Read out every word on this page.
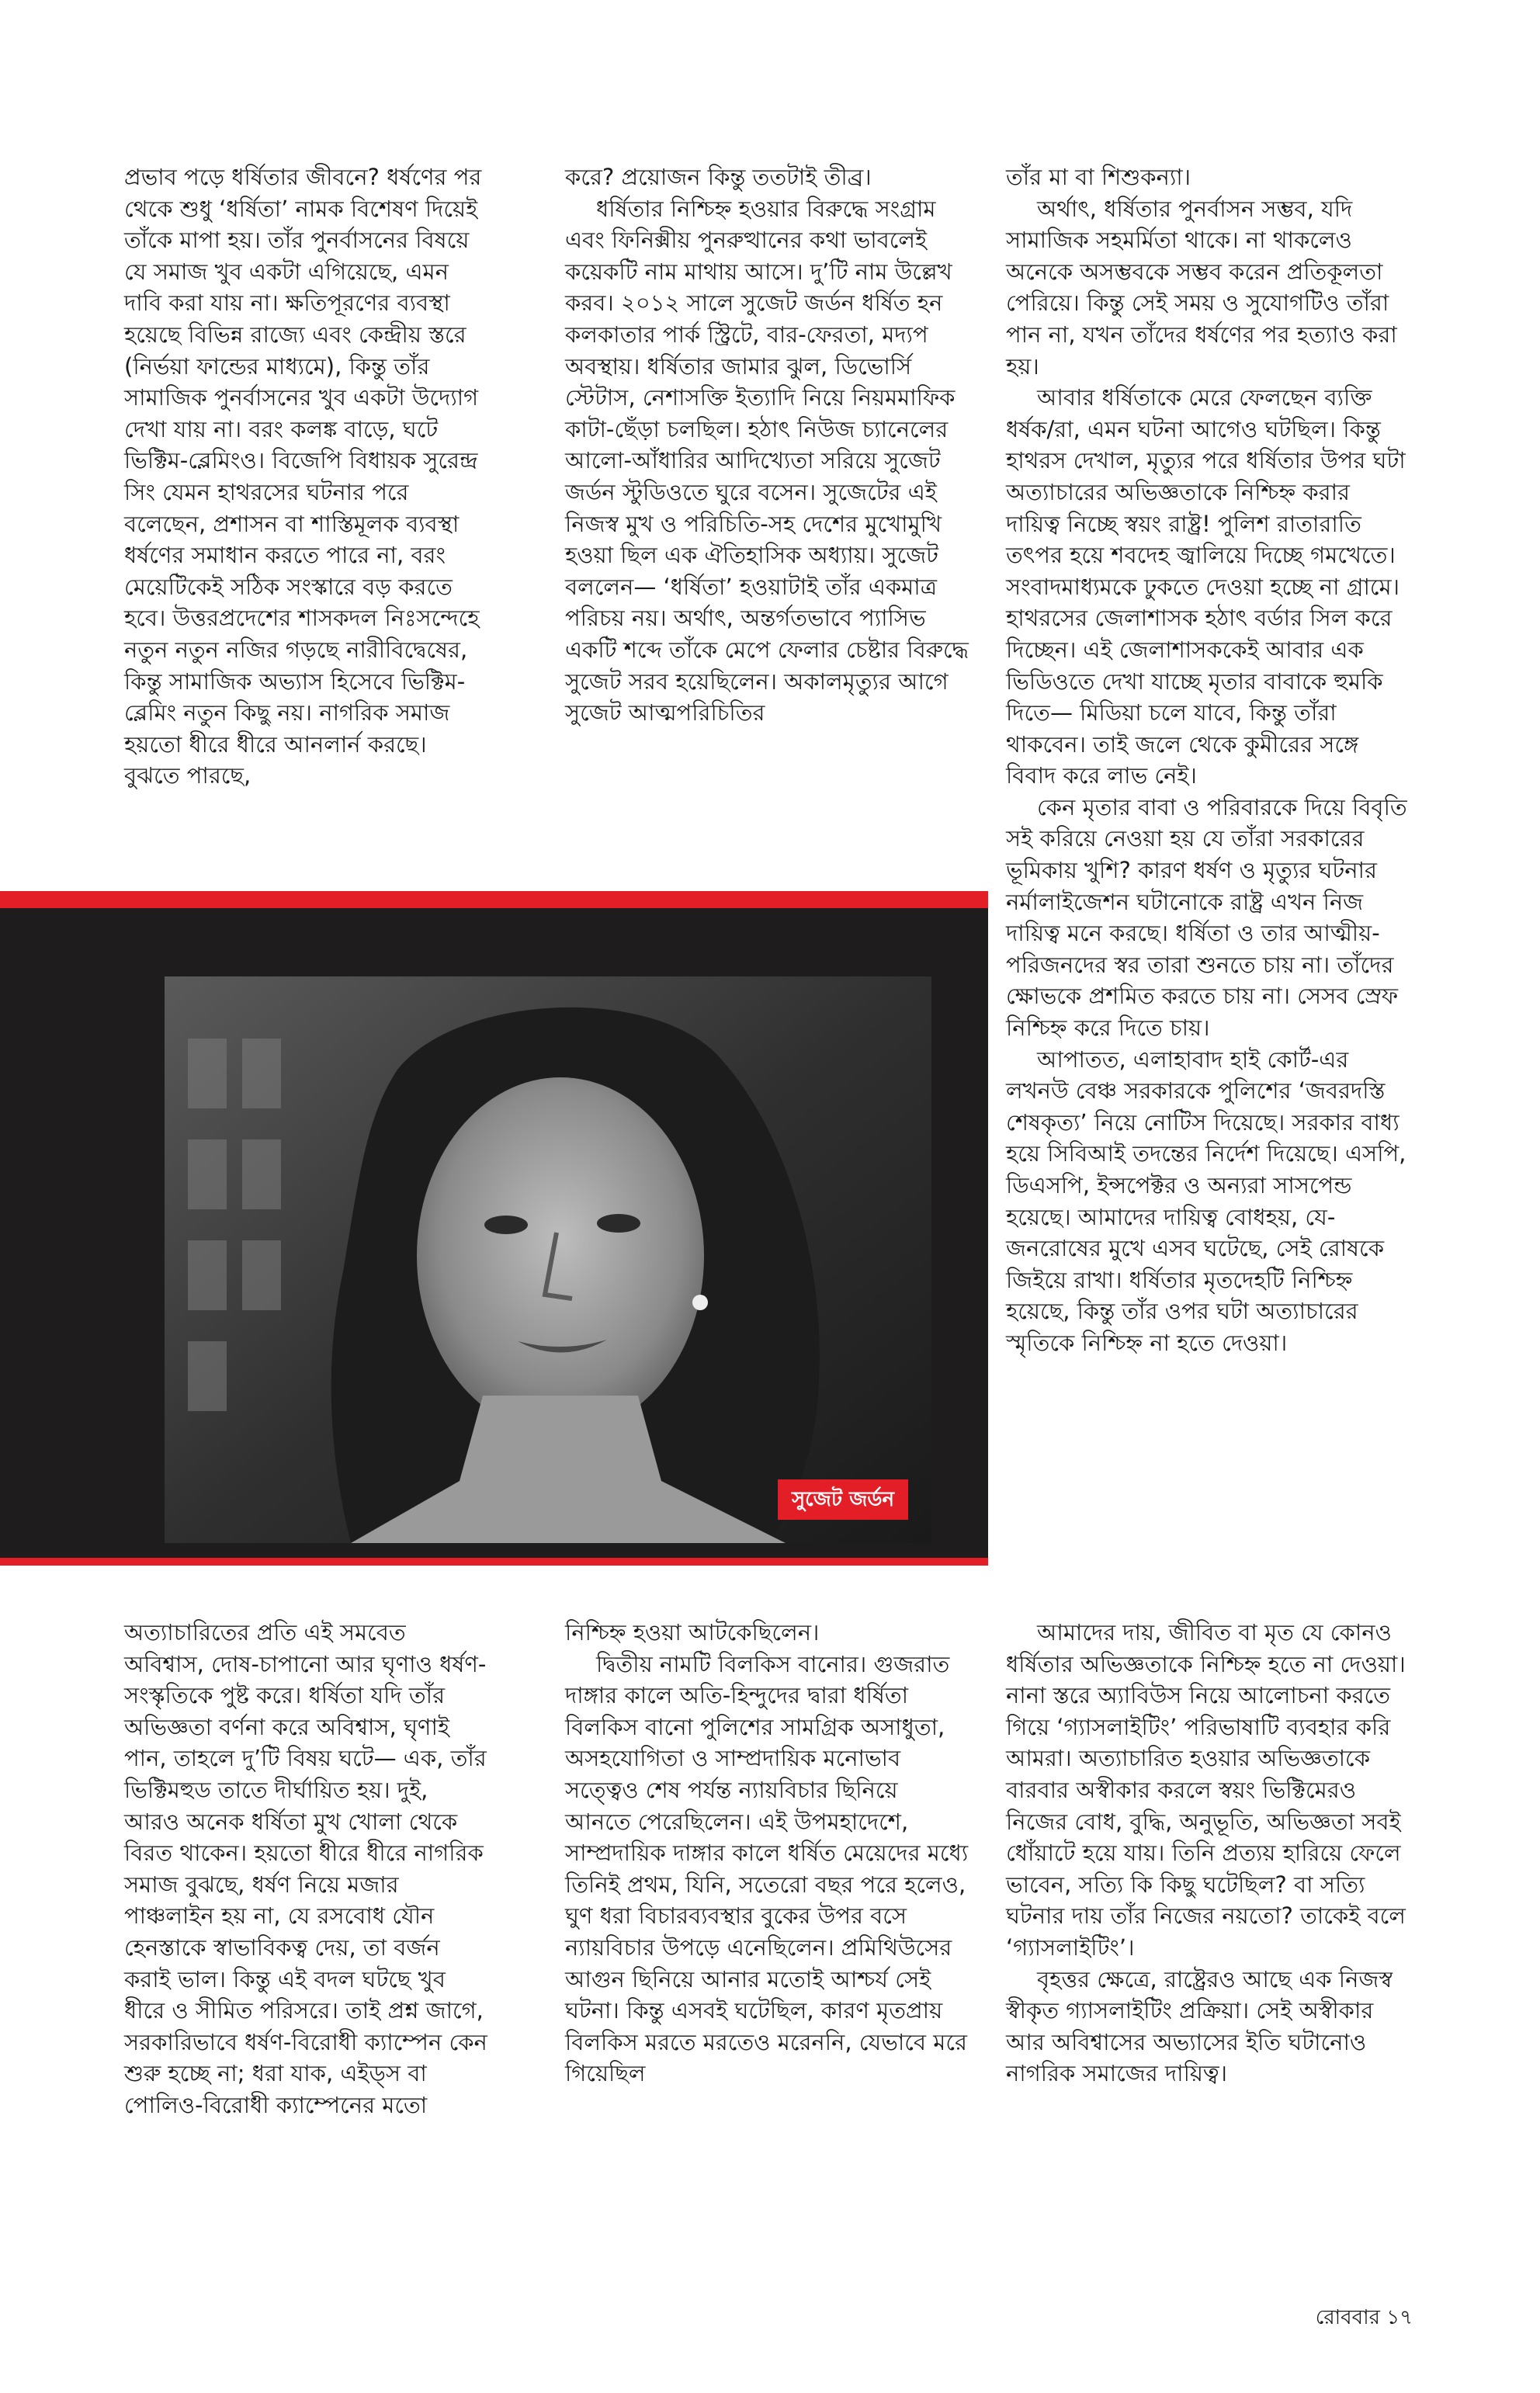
প্রভাব পড়ে ধর্ষিতার জীবনে? ধর্ষণের পর থেকে শুধু ‘ধর্ষিতা’ নামক বিশেষণ দিয়েই তাঁকে মাপা হয়। তাঁর পুনর্বাসনের বিষয়ে যে সমাজ খুব একটা এগিয়েছে, এমন দাবি করা যায় না। ক্ষতিপূরণের ব্যবস্থা হয়েছে বিভিন্ন রাজ্যে এবং কেন্দ্রীয় স্তরে (নির্ভয়া ফান্ডের মাধ্যমে), কিন্তু তাঁর সামাজিক পুনর্বাসনের খুব একটা উদ্যোগ দেখা যায় না। বরং কলঙ্ক বাড়ে, ঘটে ভিক্টিম-ব্লেমিংও। বিজেপি বিধায়ক সুরেন্দ্র সিং যেমন হাথরসের ঘটনার পরে বলেছেন, প্রশাসন বা শাস্তিমূলক ব্যবস্থা ধর্ষণের সমাধান করতে পারে না, বরং মেয়েটিকেই সঠিক সংস্কারে বড় করতে হবে। উত্তরপ্রদেশের শাসকদল নিঃসন্দেহে নতুন নতুন নজির গড়ছে নারীবিদ্বেষের, কিন্তু সামাজিক অভ্যাস হিসেবে ভিক্টিম-ব্লেমিং নতুন কিছু নয়। নাগরিক সমাজ হয়তো ধীরে ধীরে আনলার্ন করছে। বুঝতে পারছে,

করে? প্রয়োজন কিন্তু ততটাই তীব্র।

ধর্ষিতার নিশ্চিহ্ন হওয়ার বিরুদ্ধে সংগ্রাম এবং ফিনিক্সীয় পুনরুত্থানের কথা ভাবলেই কয়েকটি নাম মাথায় আসে। দু’টি নাম উল্লেখ করব। ২০১২ সালে সুজেট জর্ডন ধর্ষিত হন কলকাতার পার্ক স্ট্রিটে, বার-ফেরতা, মদ্যপ অবস্থায়। ধর্ষিতার জামার ঝুল, ডিভোর্সি স্টেটাস, নেশাসক্তি ইত্যাদি নিয়ে নিয়মমাফিক কাটা-ছেঁড়া চলছিল। হঠাৎ নিউজ চ্যানেলের আলো-আঁধারির আদিখ্যেতা সরিয়ে সুজেট জর্ডন স্টুডিওতে ঘুরে বসেন। সুজেটের এই নিজস্ব মুখ ও পরিচিতি-সহ দেশের মুখোমুখি হওয়া ছিল এক ঐতিহাসিক অধ্যায়। সুজেট বললেন— ‘ধর্ষিতা’ হওয়াটাই তাঁর একমাত্র পরিচয় নয়। অর্থাৎ, অন্তর্গতভাবে প্যাসিভ একটি শব্দে তাঁকে মেপে ফেলার চেষ্টার বিরুদ্ধে সুজেট সরব হয়েছিলেন। অকালমৃত্যুর আগে সুজেট আত্মপরিচিতির

তাঁর মা বা শিশুকন্যা।

অর্থাৎ, ধর্ষিতার পুনর্বাসন সম্ভব, যদি সামাজিক সহমর্মিতা থাকে। না থাকলেও অনেকে অসম্ভবকে সম্ভব করেন প্রতিকূলতা পেরিয়ে। কিন্তু সেই সময় ও সুযোগটিও তাঁরা পান না, যখন তাঁদের ধর্ষণের পর হত্যাও করা হয়।

আবার ধর্ষিতাকে মেরে ফেলছেন ব্যক্তি ধর্ষক/রা, এমন ঘটনা আগেও ঘটছিল। কিন্তু হাথরস দেখাল, মৃত্যুর পরে ধর্ষিতার উপর ঘটা অত্যাচারের অভিজ্ঞতাকে নিশ্চিহ্ন করার দায়িত্ব নিচ্ছে স্বয়ং রাষ্ট্র! পুলিশ রাতারাতি তৎপর হয়ে শবদেহ জ্বালিয়ে দিচ্ছে গমখেতে। সংবাদমাধ্যমকে ঢুকতে দেওয়া হচ্ছে না গ্রামে। হাথরসের জেলাশাসক হঠাৎ বর্ডার সিল করে দিচ্ছেন। এই জেলাশাসককেই আবার এক ভিডিওতে দেখা যাচ্ছে মৃতার বাবাকে হুমকি দিতে— মিডিয়া চলে যাবে, কিন্তু তাঁরা থাকবেন। তাই জলে থেকে কুমীরের সঙ্গে বিবাদ করে লাভ নেই।

কেন মৃতার বাবা ও পরিবারকে দিয়ে বিবৃতি সই করিয়ে নেওয়া হয় যে তাঁরা সরকারের ভূমিকায় খুশি? কারণ ধর্ষণ ও মৃত্যুর ঘটনার নর্মালাইজেশন ঘটানোকে রাষ্ট্র এখন নিজ দায়িত্ব মনে করছে। ধর্ষিতা ও তার আত্মীয়-পরিজনদের স্বর তারা শুনতে চায় না। তাঁদের ক্ষোভকে প্রশমিত করতে চায় না। সেসব স্রেফ নিশ্চিহ্ন করে দিতে চায়।

আপাতত, এলাহাবাদ হাই কোর্ট-এর লখনউ বেঞ্চ সরকারকে পুলিশের ‘জবরদস্তি শেষকৃত্য’ নিয়ে নোটিস দিয়েছে। সরকার বাধ্য হয়ে সিবিআই তদন্তের নির্দেশ দিয়েছে। এসপি, ডিএসপি, ইন্সপেক্টর ও অন্যরা সাসপেন্ড হয়েছে। আমাদের দায়িত্ব বোধহয়, যে-জনরোষের মুখে এসব ঘটেছে, সেই রোষকে জিইয়ে রাখা। ধর্ষিতার মৃতদেহটি নিশ্চিহ্ন হয়েছে, কিন্তু তাঁর ওপর ঘটা অত্যাচারের স্মৃতিকে নিশ্চিহ্ন না হতে দেওয়া।

সুজেট জর্ডন

অত্যাচারিতের প্রতি এই সমবেত অবিশ্বাস, দোষ-চাপানো আর ঘৃণাও ধর্ষণ-সংস্কৃতিকে পুষ্ট করে। ধর্ষিতা যদি তাঁর অভিজ্ঞতা বর্ণনা করে অবিশ্বাস, ঘৃণাই পান, তাহলে দু’টি বিষয় ঘটে— এক, তাঁর ভিক্টিমহুড তাতে দীর্ঘায়িত হয়। দুই, আরও অনেক ধর্ষিতা মুখ খোলা থেকে বিরত থাকেন। হয়তো ধীরে ধীরে নাগরিক সমাজ বুঝছে, ধর্ষণ নিয়ে মজার পাঞ্চলাইন হয় না, যে রসবোধ যৌন হেনস্তাকে স্বাভাবিকত্ব দেয়, তা বর্জন করাই ভাল। কিন্তু এই বদল ঘটছে খুব ধীরে ও সীমিত পরিসরে। তাই প্রশ্ন জাগে, সরকারিভাবে ধর্ষণ-বিরোধী ক্যাম্পেন কেন শুরু হচ্ছে না; ধরা যাক, এইড্স বা পোলিও-বিরোধী ক্যাম্পেনের মতো

নিশ্চিহ্ন হওয়া আটকেছিলেন।

দ্বিতীয় নামটি বিলকিস বানোর। গুজরাত দাঙ্গার কালে অতি-হিন্দুদের দ্বারা ধর্ষিতা বিলকিস বানো পুলিশের সামগ্রিক অসাধুতা, অসহযোগিতা ও সাম্প্রদায়িক মনোভাব সত্ত্বেও শেষ পর্যন্ত ন্যায়বিচার ছিনিয়ে আনতে পেরেছিলেন। এই উপমহাদেশে, সাম্প্রদায়িক দাঙ্গার কালে ধর্ষিত মেয়েদের মধ্যে তিনিই প্রথম, যিনি, সতেরো বছর পরে হলেও, ঘুণ ধরা বিচারব্যবস্থার বুকের উপর বসে ন্যায়বিচার উপড়ে এনেছিলেন। প্রমিথিউসের আগুন ছিনিয়ে আনার মতোই আশ্চর্য সেই ঘটনা। কিন্তু এসবই ঘটেছিল, কারণ মৃতপ্রায় বিলকিস মরতে মরতেও মরেননি, যেভাবে মরে গিয়েছিল

আমাদের দায়, জীবিত বা মৃত যে কোনও ধর্ষিতার অভিজ্ঞতাকে নিশ্চিহ্ন হতে না দেওয়া। নানা স্তরে অ্যাবিউস নিয়ে আলোচনা করতে গিয়ে ‘গ্যাসলাইটিং’ পরিভাষাটি ব্যবহার করি আমরা। অত্যাচারিত হওয়ার অভিজ্ঞতাকে বারবার অস্বীকার করলে স্বয়ং ভিক্টিমেরও নিজের বোধ, বুদ্ধি, অনুভূতি, অভিজ্ঞতা সবই ধোঁয়াটে হয়ে যায়। তিনি প্রত্যয় হারিয়ে ফেলে ভাবেন, সত্যি কি কিছু ঘটেছিল? বা সত্যি ঘটনার দায় তাঁর নিজের নয়তো? তাকেই বলে ‘গ্যাসলাইটিং’।

বৃহত্তর ক্ষেত্রে, রাষ্ট্রেরও আছে এক নিজস্ব স্বীকৃত গ্যাসলাইটিং প্রক্রিয়া। সেই অস্বীকার আর অবিশ্বাসের অভ্যাসের ইতি ঘটানোও নাগরিক সমাজের দায়িত্ব।

রোববার ১৭
